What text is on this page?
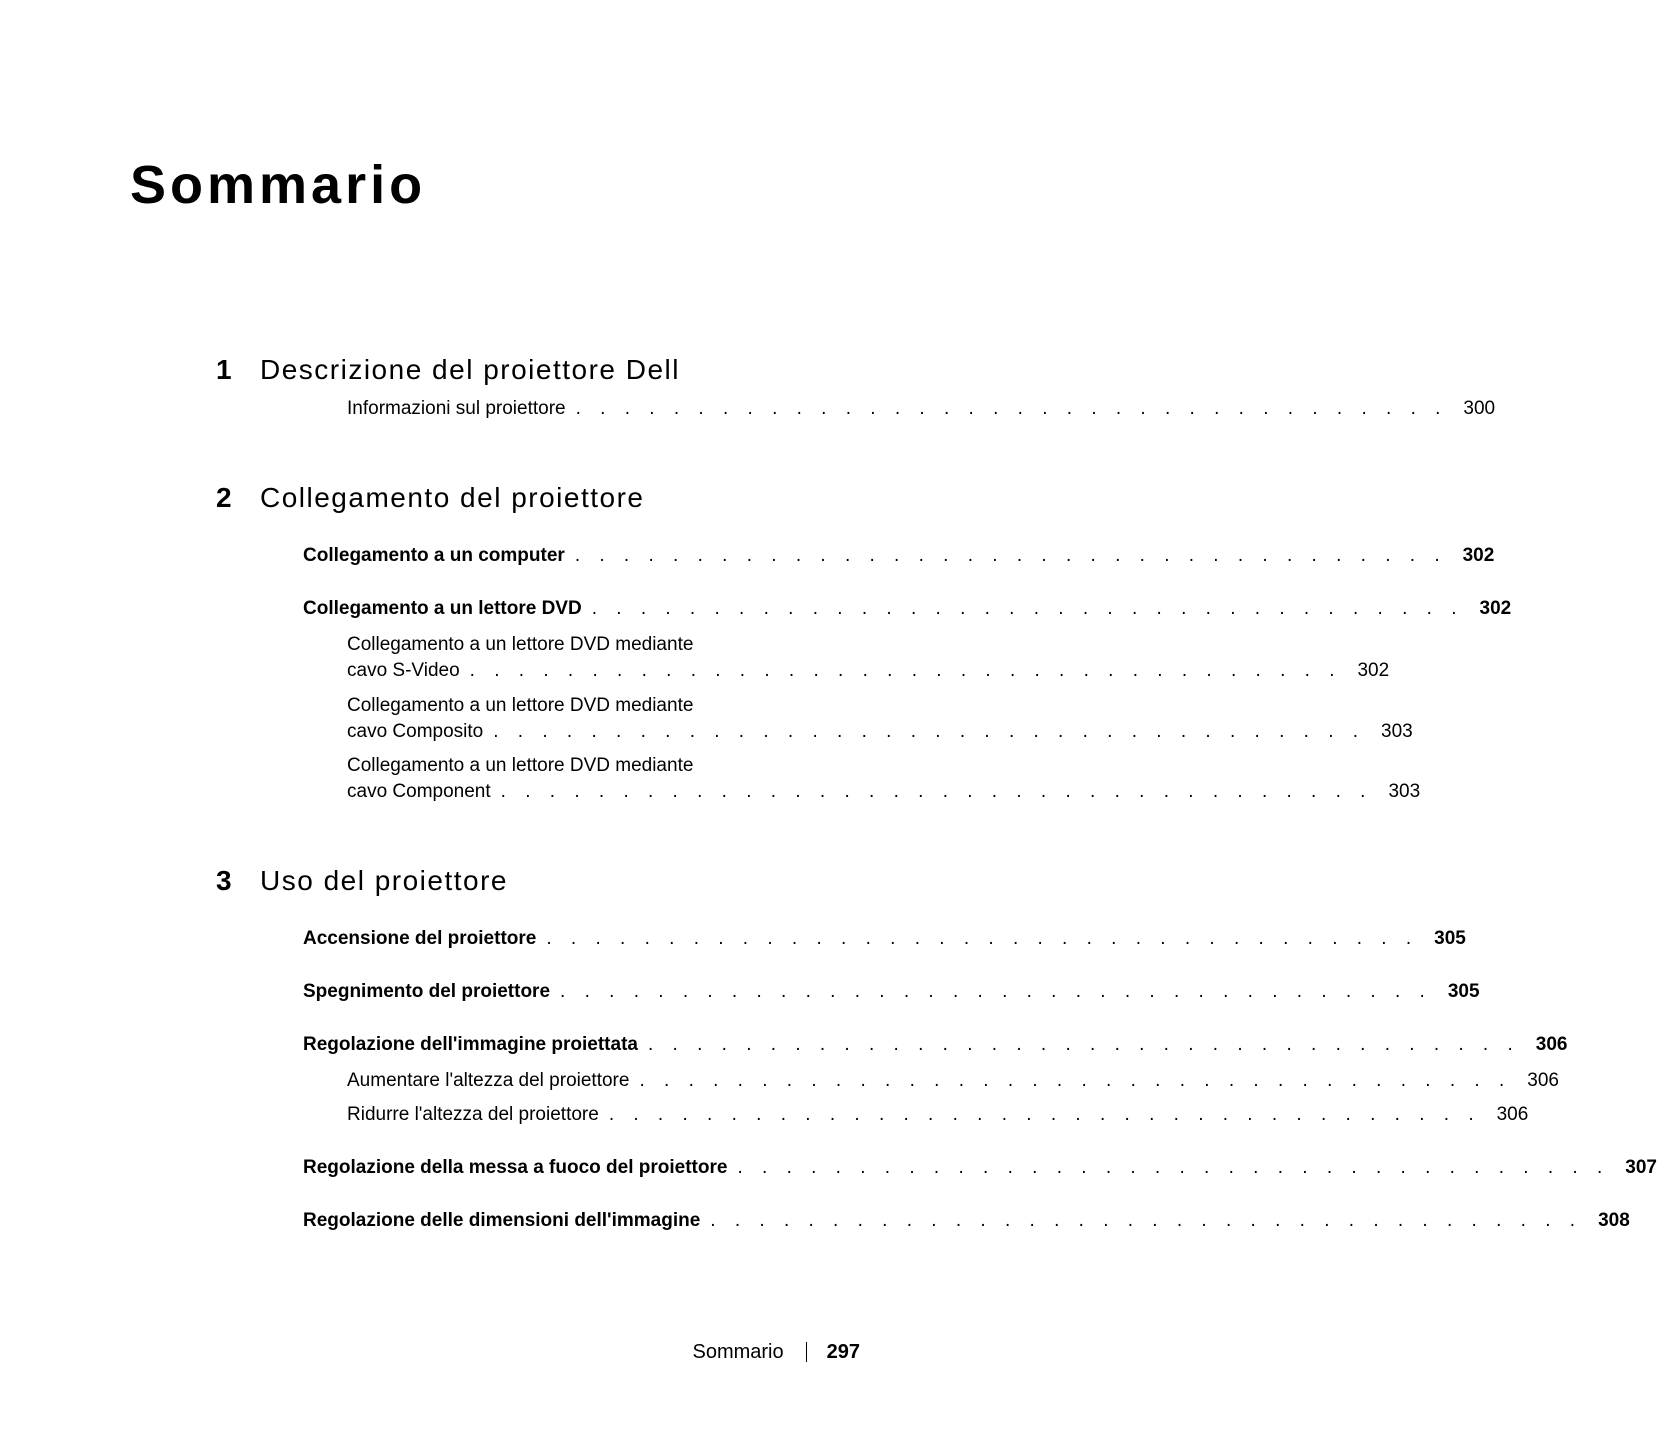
Sommario
1 Descrizione del proiettore Dell
Informazioni sul proiettore . . . . . . . . . . . . . . . . . . . . . . . . . . . . . . . . . . . . 300
2 Collegamento del proiettore
Collegamento a un computer . . . . . . . . . . . . . . . . . . . . . . . . . . . . . . . . . . . . 302
Collegamento a un lettore DVD . . . . . . . . . . . . . . . . . . . . . . . . . . . . . . . . . . . . 302
Collegamento a un lettore DVD mediante
cavo S-Video . . . . . . . . . . . . . . . . . . . . . . . . . . . . . . . . . . . . 302
Collegamento a un lettore DVD mediante
cavo Composito . . . . . . . . . . . . . . . . . . . . . . . . . . . . . . . . . . . . 303
Collegamento a un lettore DVD mediante
cavo Component . . . . . . . . . . . . . . . . . . . . . . . . . . . . . . . . . . . . 303
3 Uso del proiettore
Accensione del proiettore . . . . . . . . . . . . . . . . . . . . . . . . . . . . . . . . . . . . 305
Spegnimento del proiettore . . . . . . . . . . . . . . . . . . . . . . . . . . . . . . . . . . . . 305
Regolazione dell'immagine proiettata . . . . . . . . . . . . . . . . . . . . . . . . . . . . . . . . . . . . 306
Aumentare l'altezza del proiettore . . . . . . . . . . . . . . . . . . . . . . . . . . . . . . . . . . . . 306
Ridurre l'altezza del proiettore . . . . . . . . . . . . . . . . . . . . . . . . . . . . . . . . . . . . 306
Regolazione della messa a fuoco del proiettore . . . . . . . . . . . . . . . . . . . . . . . . . . . . . . . . . . . . 307
Regolazione delle dimensioni dell'immagine . . . . . . . . . . . . . . . . . . . . . . . . . . . . . . . . . . . . 308
Sommario 297
